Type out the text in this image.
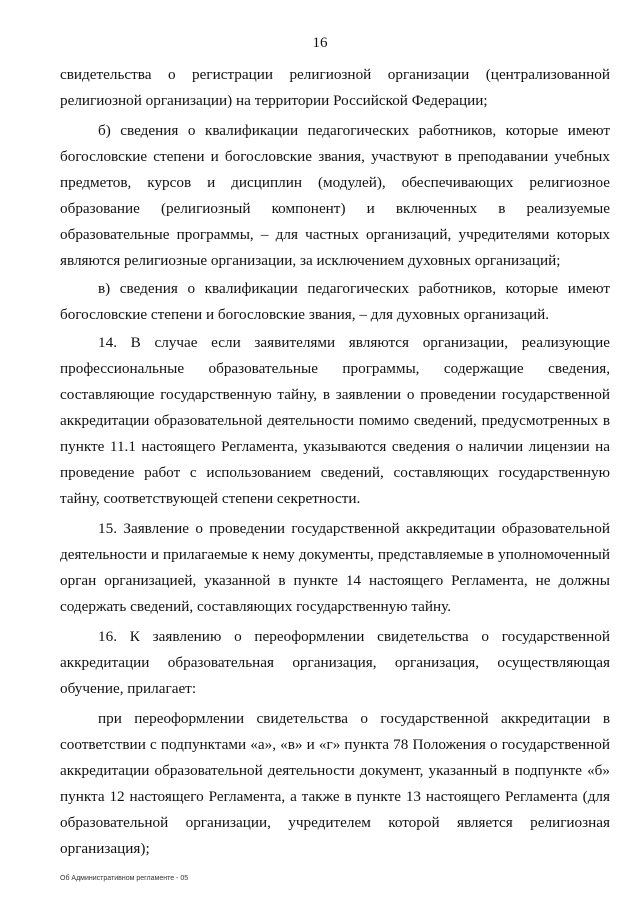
16

свидетельства о регистрации религиозной организации (централизованной религиозной организации) на территории Российской Федерации;

б) сведения о квалификации педагогических работников, которые имеют богословские степени и богословские звания, участвуют в преподавании учебных предметов, курсов и дисциплин (модулей), обеспечивающих религиозное образование (религиозный компонент) и включенных в реализуемые образовательные программы, – для частных организаций, учредителями которых являются религиозные организации, за исключением духовных организаций;

в) сведения о квалификации педагогических работников, которые имеют богословские степени и богословские звания, – для духовных организаций.

14. В случае если заявителями являются организации, реализующие профессиональные образовательные программы, содержащие сведения, составляющие государственную тайну, в заявлении о проведении государственной аккредитации образовательной деятельности помимо сведений, предусмотренных в пункте 11.1 настоящего Регламента, указываются сведения о наличии лицензии на проведение работ с использованием сведений, составляющих государственную тайну, соответствующей степени секретности.

15. Заявление о проведении государственной аккредитации образовательной деятельности и прилагаемые к нему документы, представляемые в уполномоченный орган организацией, указанной в пункте 14 настоящего Регламента, не должны содержать сведений, составляющих государственную тайну.

16. К заявлению о переоформлении свидетельства о государственной аккредитации образовательная организация, организация, осуществляющая обучение, прилагает:

при переоформлении свидетельства о государственной аккредитации в соответствии с подпунктами «а», «в» и «г» пункта 78 Положения о государственной аккредитации образовательной деятельности документ, указанный в подпункте «б» пункта 12 настоящего Регламента, а также в пункте 13 настоящего Регламента (для образовательной организации, учредителем которой является религиозная организация);

Об Административном регламенте - 05
